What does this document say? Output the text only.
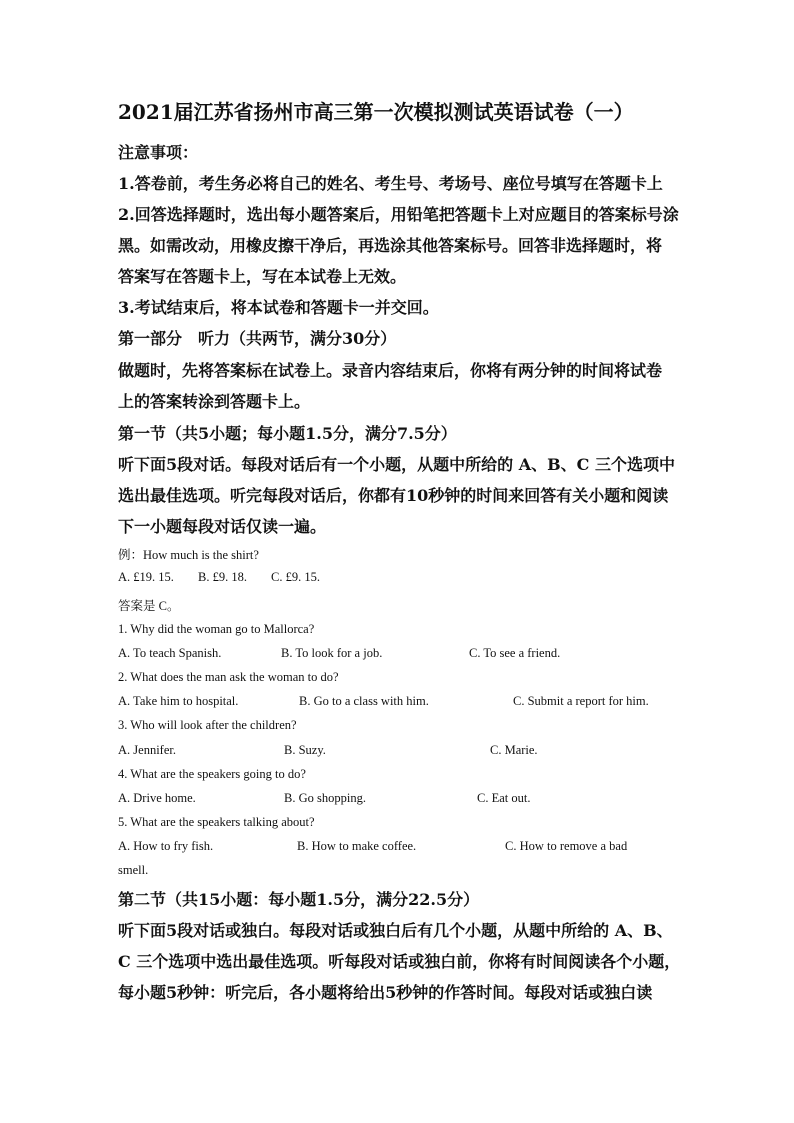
2021届江苏省扬州市高三第一次模拟测试英语试卷（一）
注意事项：
1.答卷前，考生务必将自己的姓名、考生号、考场号、座位号填写在答题卡上
2.回答选择题时，选出每小题答案后，用铅笔把答题卡上对应题目的答案标号涂
黑。如需改动，用橡皮擦干净后，再选涂其他答案标号。回答非选择题时，将
答案写在答题卡上，写在本试卷上无效。
3.考试结束后，将本试卷和答题卡一并交回。
第一部分　听力（共两节，满分30分）
做题时，先将答案标在试卷上。录音内容结束后，你将有两分钟的时间将试卷
上的答案转涂到答题卡上。
第一节（共5小题；每小题1.5分，满分7.5分）
听下面5段对话。每段对话后有一个小题，从题中所给的 A、B、C 三个选项中
选出最佳选项。听完每段对话后，你都有10秒钟的时间来回答有关小题和阅读
下一小题每段对话仅读一遍。
例：How much is the shirt?
A. £19. 15. B. £9. 18. C. £9. 15.
答案是 C。
1. Why did the woman go to Mallorca?
A. To teach Spanish.	B. To look for a job.	C. To see a friend.
2. What does the man ask the woman to do?
A. Take him to hospital.	B. Go to a class with him.	C. Submit a report for him.
3. Who will look after the children?
A. Jennifer.	B. Suzy.	C. Marie.
4. What are the speakers going to do?
A. Drive home.	B. Go shopping.	C. Eat out.
5. What are the speakers talking about?
A. How to fry fish.	B. How to make coffee.	C. How to remove a bad
smell.
第二节（共15小题：每小题1.5分，满分22.5分）
听下面5段对话或独白。每段对话或独白后有几个小题，从题中所给的 A、B、
C 三个选项中选出最佳选项。听每段对话或独白前，你将有时间阅读各个小题，
每小题5秒钟：听完后，各小题将给出5秒钟的作答时间。每段对话或独白读
